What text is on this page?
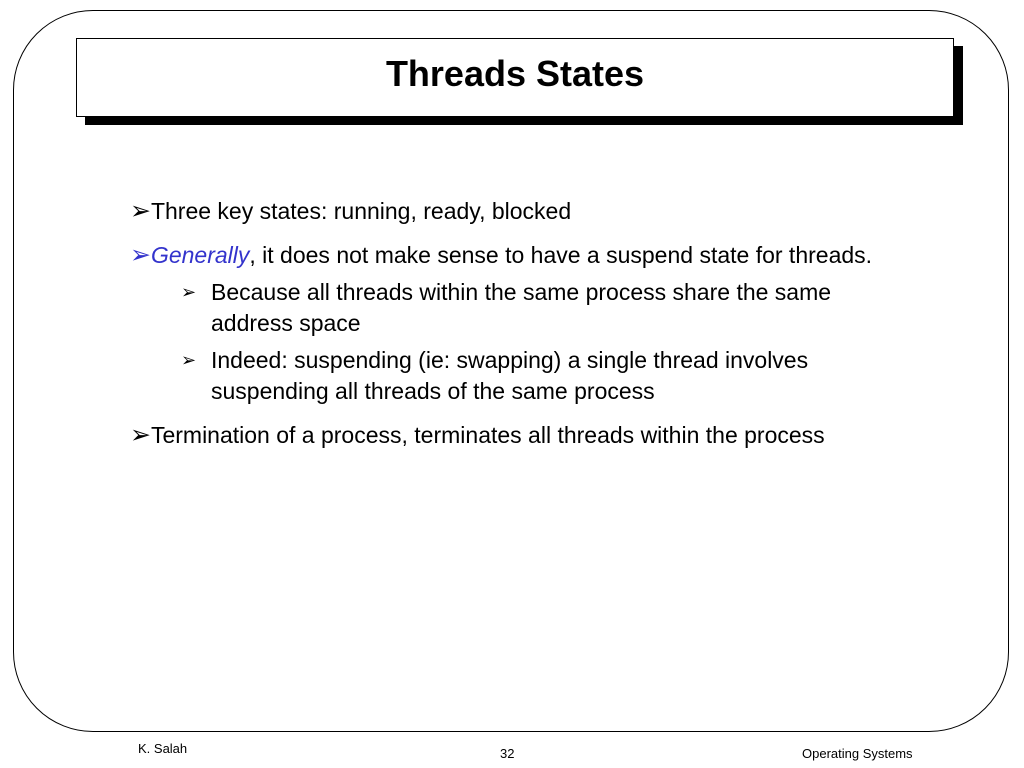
Threads States
➢Three key states: running, ready, blocked
➢Generally, it does not make sense to have a suspend state for threads.
➢ Because all threads within the same process share the same address space
➢ Indeed: suspending (ie: swapping) a single thread involves suspending all threads of the same process
➢Termination of a process, terminates all threads within the process
K. Salah	32	Operating Systems
